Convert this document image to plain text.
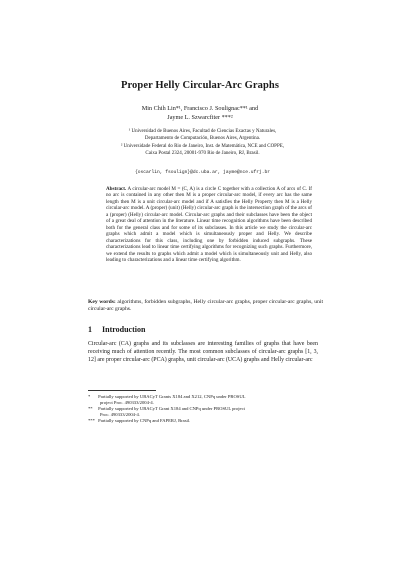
Proper Helly Circular-Arc Graphs
Min Chih Lin*¹, Francisco J. Soulignac**¹ and
Jayme L. Szwarcfiter ***²
¹ Universidad de Buenos Aires, Facultad de Ciencias Exactas y Naturales,
Departamento de Computación, Buenos Aires, Argentina.
² Universidade Federal do Rio de Janeiro, Inst. de Matemática, NCE and COPPE,
Caixa Postal 2324, 20001-970 Rio de Janeiro, RJ, Brasil.
{oscarlin, fsoulign}@dc.uba.ar, jayme@nce.ufrj.br
Abstract. A circular-arc model M = (C, A) is a circle C together with a collection A of arcs of C. If no arc is contained in any other then M is a proper circular-arc model, if every arc has the same length then M is a unit circular-arc model and if A satisfies the Helly Property then M is a Helly circular-arc model. A (proper) (unit) (Helly) circular-arc graph is the intersection graph of the arcs of a (proper) (Helly) circular-arc model. Circular-arc graphs and their subclasses have been the object of a great deal of attention in the literature. Linear time recognition algorithms have been described both for the general class and for some of its subclasses. In this article we study the circular-arc graphs which admit a model which is simultaneously proper and Helly. We describe characterizations for this class, including one by forbidden induced subgraphs. These characterizations lead to linear time certifying algorithms for recognizing such graphs. Furthermore, we extend the results to graphs which admit a model which is simultaneously unit and Helly, also leading to characterizations and a linear time certifying algorithm.
Key words: algorithms, forbidden subgraphs, Helly circular-arc graphs, proper circular-arc graphs, unit circular-arc graphs.
1 Introduction
Circular-arc (CA) graphs and its subclasses are interesting families of graphs that have been receiving much of attention recently. The most common subclasses of circular-arc graphs [1, 3, 12] are proper circular-arc (PCA) graphs, unit circular-arc (UCA) graphs and Helly circular-arc

* Partially supported by UBACyT Grants X184 and X212, CNPq under PROSUL
project Proc. 490333/2004-4.

** Partially supported by UBACyT Grant X184 and CNPq under PROSUL project
Proc. 490333/2004-4.

*** Partially supported by CNPq and FAPERJ, Brasil.
